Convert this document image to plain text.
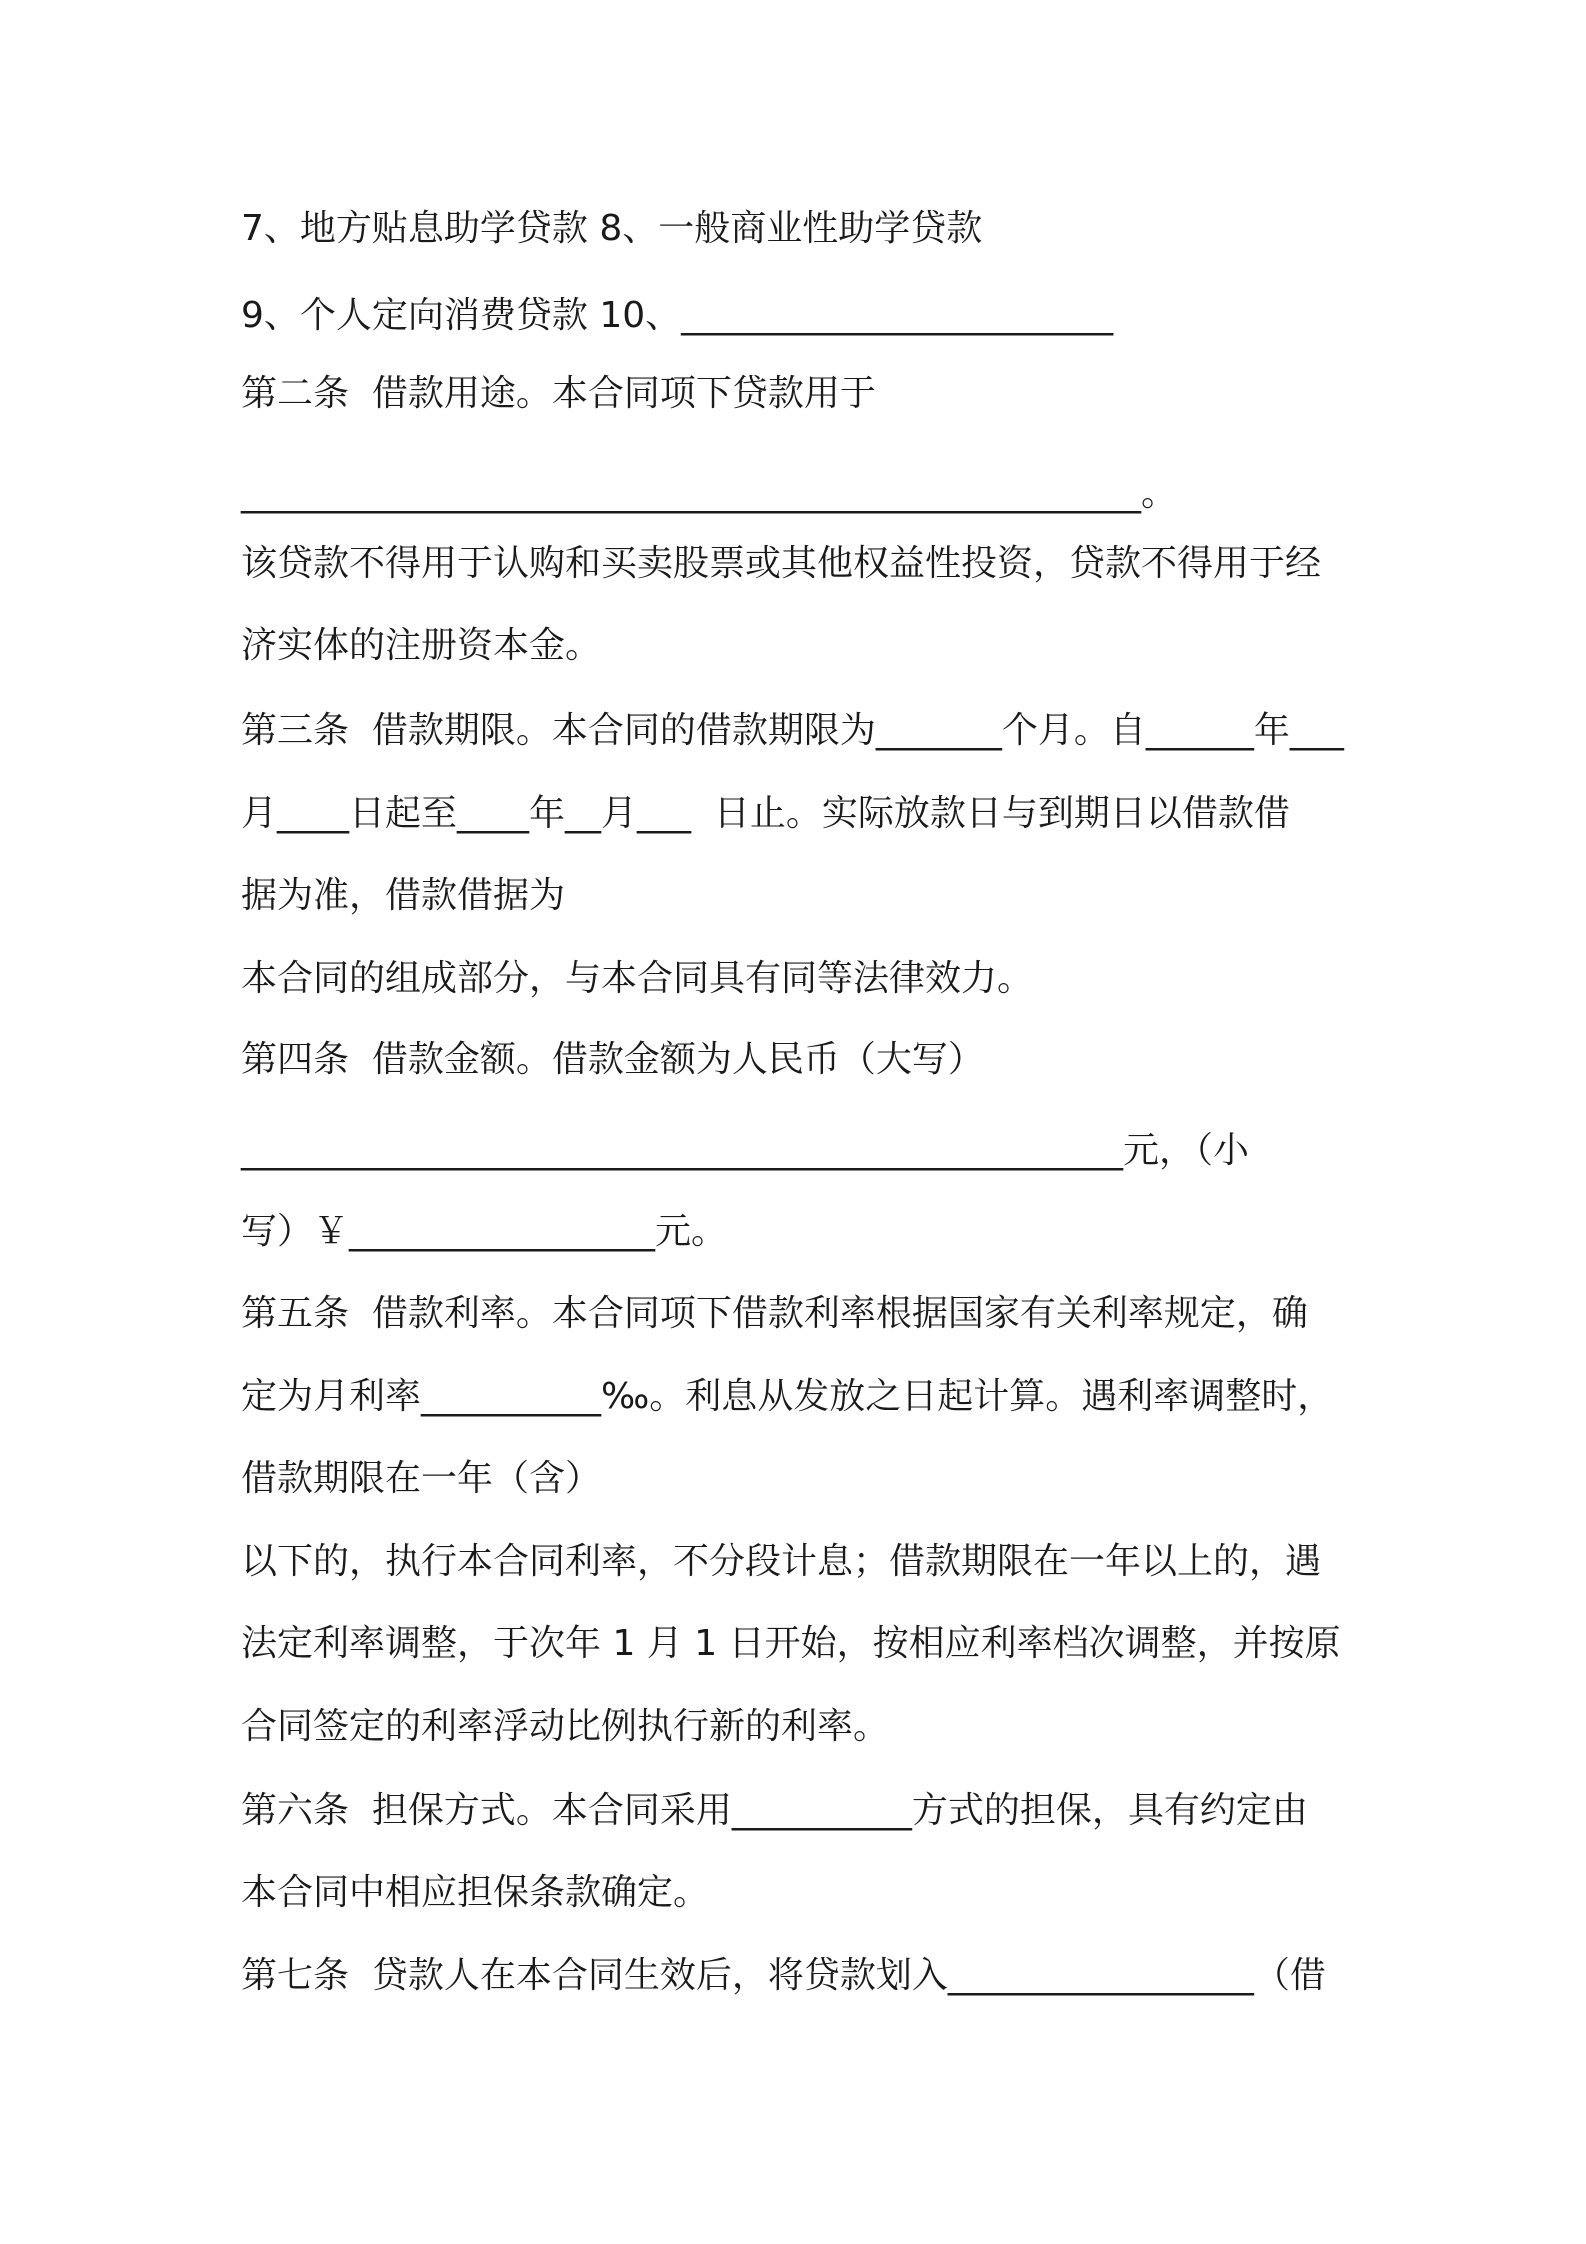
7、地方贴息助学贷款 8、一般商业性助学贷款
9、个人定向消费贷款 10、________________________
第二条  借款用途。本合同项下贷款用于
__________________________________________________。
该贷款不得用于认购和买卖股票或其他权益性投资，贷款不得用于经
济实体的注册资本金。
第三条  借款期限。本合同的借款期限为_______个月。自______年___
月____日起至____年__月___  日止。实际放款日与到期日以借款借
据为准，借款借据为
本合同的组成部分，与本合同具有同等法律效力。
第四条  借款金额。借款金额为人民币（大写）
_________________________________________________元，（小
写）￥_________________元。
第五条  借款利率。本合同项下借款利率根据国家有关利率规定，确
定为月利率__________‰。利息从发放之日起计算。遇利率调整时，
借款期限在一年（含）
以下的，执行本合同利率，不分段计息；借款期限在一年以上的，遇
法定利率调整，于次年 1 月 1 日开始，按相应利率档次调整，并按原
合同签定的利率浮动比例执行新的利率。
第六条  担保方式。本合同采用__________方式的担保，具有约定由
本合同中相应担保条款确定。
第七条  贷款人在本合同生效后，将贷款划入_________________（借
